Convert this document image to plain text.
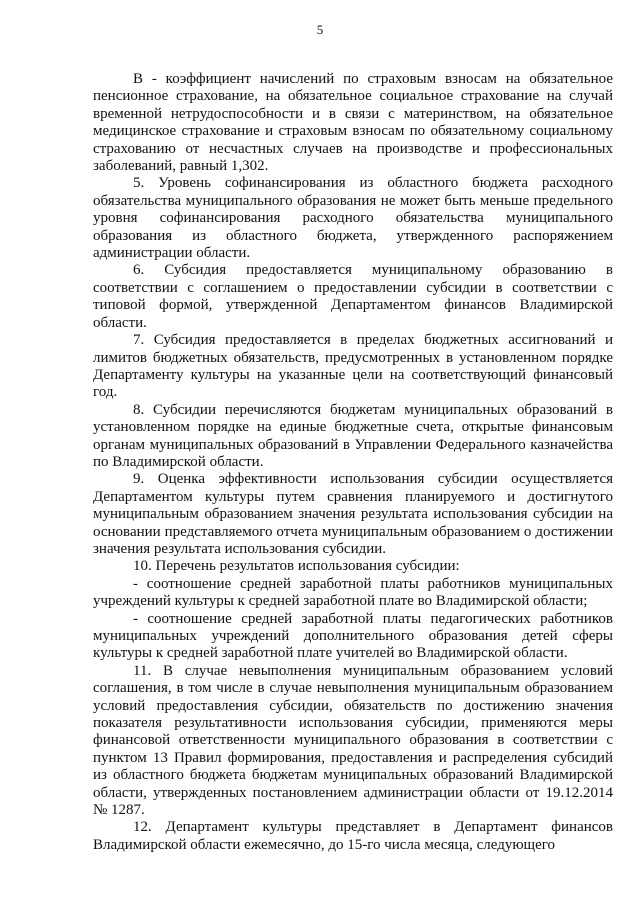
5

В - коэффициент начислений по страховым взносам на обязательное пенсионное страхование, на обязательное социальное страхование на случай временной нетрудоспособности и в связи с материнством, на обязательное медицинское страхование и страховым взносам по обязательному социальному страхованию от несчастных случаев на производстве и профессиональных заболеваний, равный 1,302.

5. Уровень софинансирования из областного бюджета расходного обязательства муниципального образования не может быть меньше предельного уровня софинансирования расходного обязательства муниципального образования из областного бюджета, утвержденного распоряжением администрации области.

6. Субсидия предоставляется муниципальному образованию в соответствии с соглашением о предоставлении субсидии в соответствии с типовой формой, утвержденной Департаментом финансов Владимирской области.

7. Субсидия предоставляется в пределах бюджетных ассигнований и лимитов бюджетных обязательств, предусмотренных в установленном порядке Департаменту культуры на указанные цели на соответствующий финансовый год.

8. Субсидии перечисляются бюджетам муниципальных образований в установленном порядке на единые бюджетные счета, открытые финансовым органам муниципальных образований в Управлении Федерального казначейства по Владимирской области.

9. Оценка эффективности использования субсидии осуществляется Департаментом культуры путем сравнения планируемого и достигнутого муниципальным образованием значения результата использования субсидии на основании представляемого отчета муниципальным образованием о достижении значения результата использования субсидии.

10. Перечень результатов использования субсидии:

- соотношение средней заработной платы работников муниципальных учреждений культуры к средней заработной плате во Владимирской области;

- соотношение средней заработной платы педагогических работников муниципальных учреждений дополнительного образования детей сферы культуры к средней заработной плате учителей во Владимирской области.

11. В случае невыполнения муниципальным образованием условий соглашения, в том числе в случае невыполнения муниципальным образованием условий предоставления субсидии, обязательств по достижению значения показателя результативности использования субсидии, применяются меры финансовой ответственности муниципального образования в соответствии с пунктом 13 Правил формирования, предоставления и распределения субсидий из областного бюджета бюджетам муниципальных образований Владимирской области, утвержденных постановлением администрации области от 19.12.2014 № 1287.

12. Департамент культуры представляет в Департамент финансов Владимирской области ежемесячно, до 15-го числа месяца, следующего
